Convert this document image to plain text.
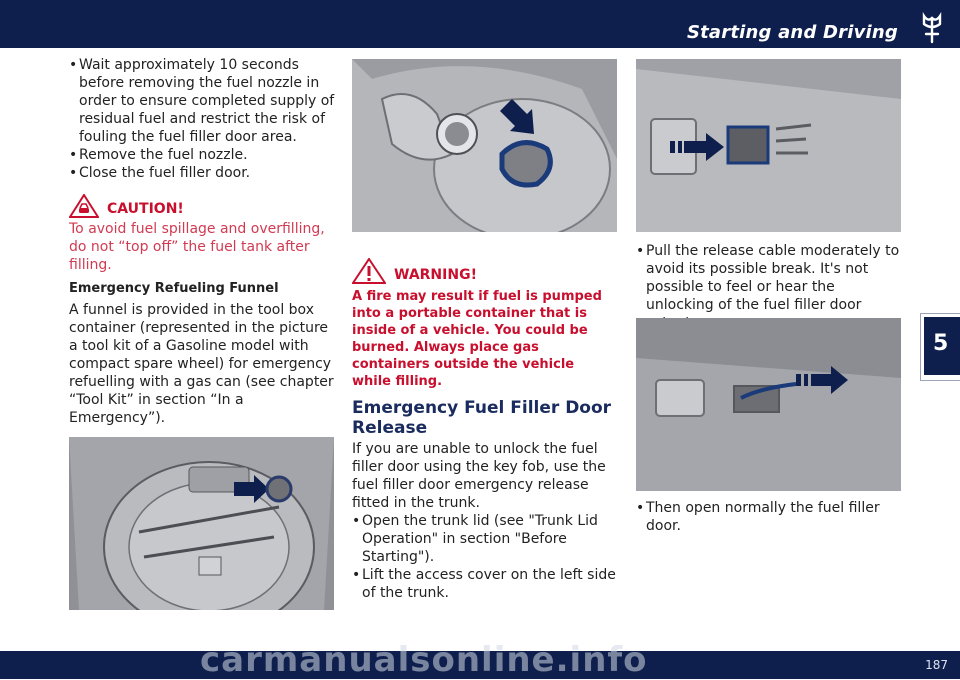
Starting and Driving
5

• Wait approximately 10 seconds before removing the fuel nozzle in order to ensure completed supply of residual fuel and restrict the risk of fouling the fuel filler door area.

• Remove the fuel nozzle.

• Close the fuel filler door.

CAUTION!
To avoid fuel spillage and overfilling, do not “top off” the fuel tank after filling.
Emergency Refueling Funnel
A funnel is provided in the tool box container (represented in the picture a tool kit of a Gasoline model with compact spare wheel) for emergency refuelling with a gas can (see chapter “Tool Kit” in section “In a Emergency”).
WARNING!
A fire may result if fuel is pumped into a portable container that is inside of a vehicle. You could be burned. Always place gas containers outside the vehicle while filling.
Emergency Fuel Filler Door Release
If you are unable to unlock the fuel filler door using the key fob, use the fuel filler door emergency release fitted in the trunk.

• Open the trunk lid (see "Trunk Lid Operation" in section "Before Starting").

• Lift the access cover on the left side of the trunk.

• Pull the release cable moderately to avoid its possible break. It's not possible to feel or hear the unlocking of the fuel filler door

• Then open normally the fuel filler door.

187
carmanualsonline.info
